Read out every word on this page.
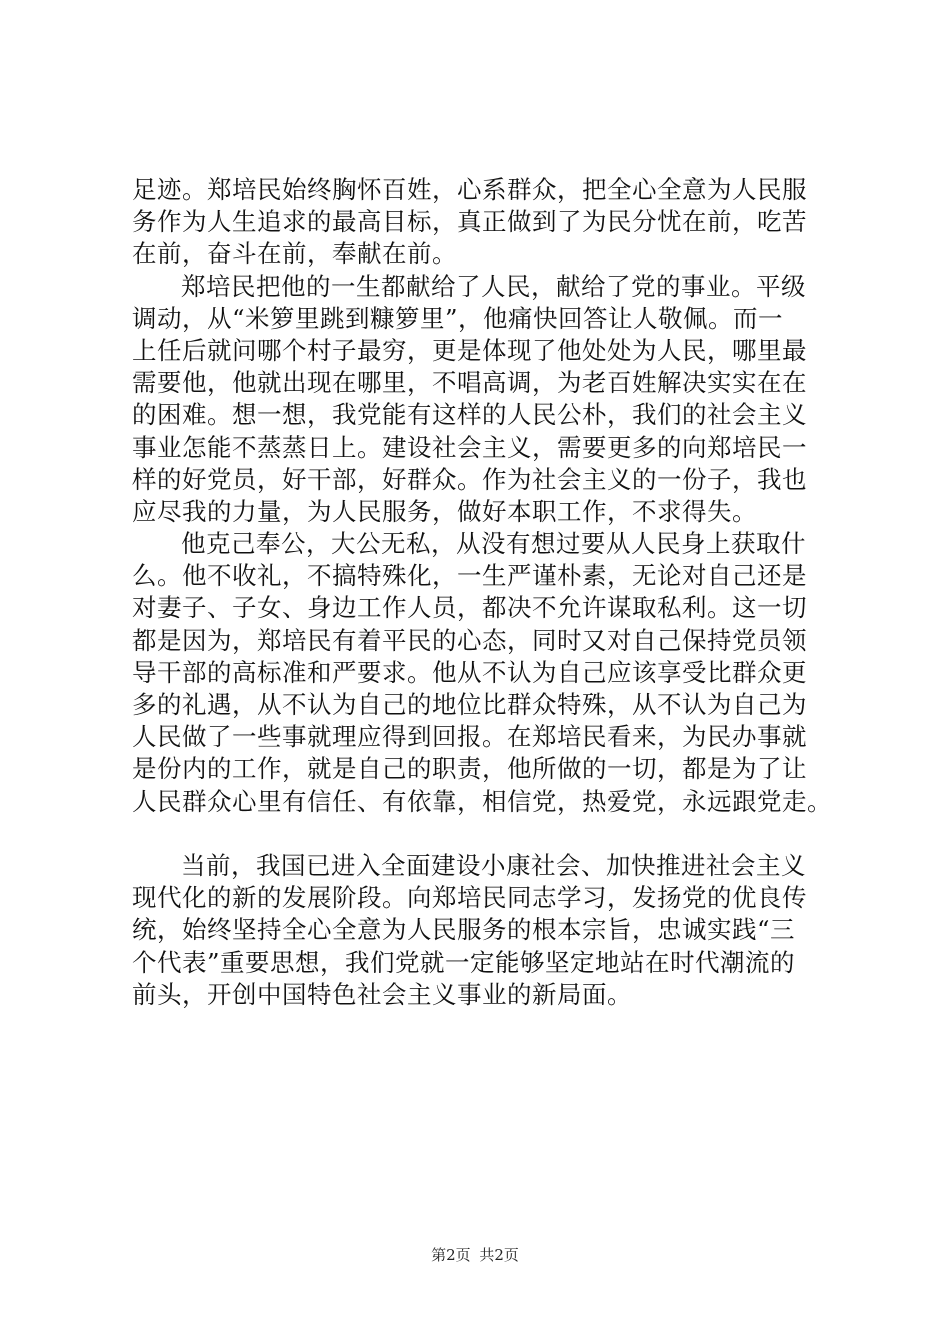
足迹。郑培民始终胸怀百姓，心系群众，把全心全意为人民服
务作为人生追求的最高目标，真正做到了为民分忧在前，吃苦
在前，奋斗在前，奉献在前。
郑培民把他的一生都献给了人民，献给了党的事业。平级
调动，从“米箩里跳到糠箩里”，他痛快回答让人敬佩。而一
上任后就问哪个村子最穷，更是体现了他处处为人民，哪里最
需要他，他就出现在哪里，不唱高调，为老百姓解决实实在在
的困难。想一想，我党能有这样的人民公朴，我们的社会主义
事业怎能不蒸蒸日上。建设社会主义，需要更多的向郑培民一
样的好党员，好干部，好群众。作为社会主义的一份子，我也
应尽我的力量，为人民服务，做好本职工作，不求得失。
他克己奉公，大公无私，从没有想过要从人民身上获取什
么。他不收礼，不搞特殊化，一生严谨朴素，无论对自己还是
对妻子、子女、身边工作人员，都决不允许谋取私利。这一切
都是因为，郑培民有着平民的心态，同时又对自己保持党员领
导干部的高标准和严要求。他从不认为自己应该享受比群众更
多的礼遇，从不认为自己的地位比群众特殊，从不认为自己为
人民做了一些事就理应得到回报。在郑培民看来，为民办事就
是份内的工作，就是自己的职责，他所做的一切，都是为了让
人民群众心里有信任、有依靠，相信党，热爱党，永远跟党走。
当前，我国已进入全面建设小康社会、加快推进社会主义
现代化的新的发展阶段。向郑培民同志学习，发扬党的优良传
统，始终坚持全心全意为人民服务的根本宗旨，忠诚实践“三
个代表”重要思想，我们党就一定能够坚定地站在时代潮流的
前头，开创中国特色社会主义事业的新局面。
第2页 共2页
